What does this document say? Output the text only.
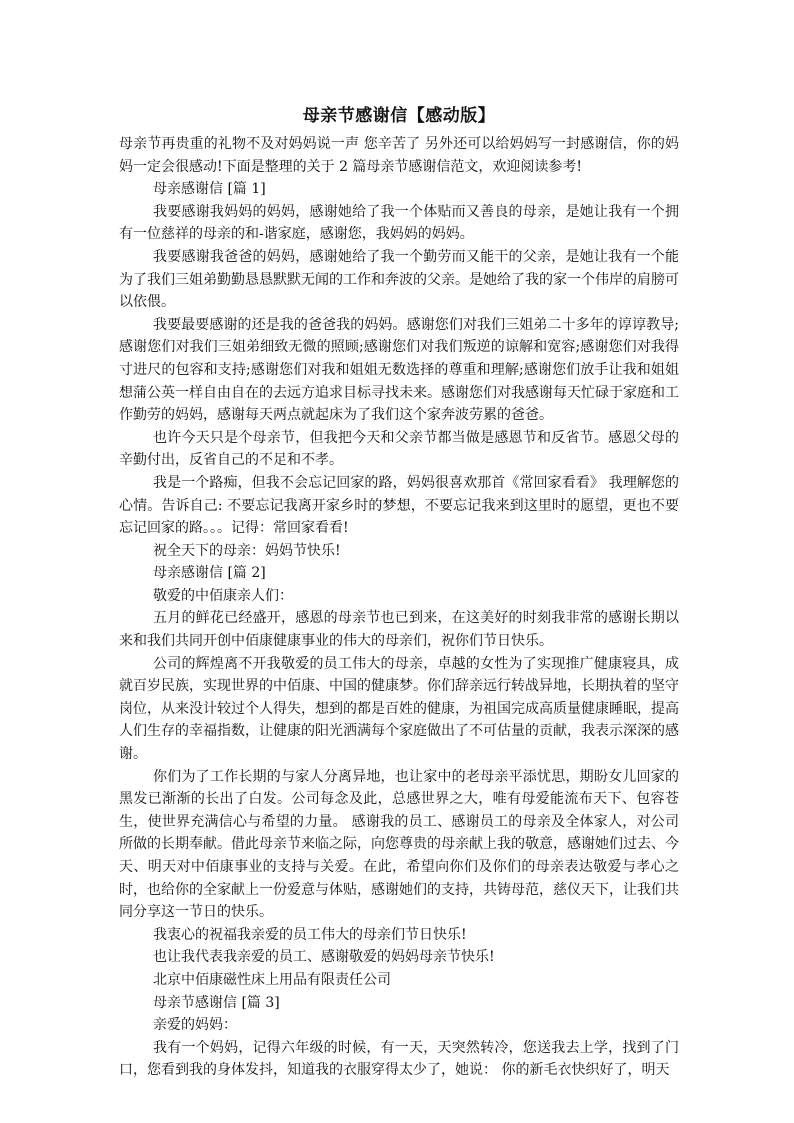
母亲节感谢信【感动版】

母亲节再贵重的礼物不及对妈妈说一声 您辛苦了 另外还可以给妈妈写一封感谢信，你的妈妈一定会很感动!下面是整理的关于 2 篇母亲节感谢信范文，欢迎阅读参考!

母亲感谢信 [篇 1]

我要感谢我妈妈的妈妈，感谢她给了我一个体贴而又善良的母亲，是她让我有一个拥有一位慈祥的母亲的和-谐家庭，感谢您，我妈妈的妈妈。

我要感谢我爸爸的妈妈，感谢她给了我一个勤劳而又能干的父亲，是她让我有一个能为了我们三姐弟勤勤恳恳默默无闻的工作和奔波的父亲。是她给了我的家一个伟岸的肩膀可以依偎。

我要最要感谢的还是我的爸爸我的妈妈。感谢您们对我们三姐弟二十多年的谆谆教导;感谢您们对我们三姐弟细致无微的照顾;感谢您们对我们叛逆的谅解和宽容;感谢您们对我得寸进尺的包容和支持;感谢您们对我和姐姐无数选择的尊重和理解;感谢您们放手让我和姐姐想蒲公英一样自由自在的去远方追求目标寻找未来。感谢您们对我感谢每天忙碌于家庭和工作勤劳的妈妈，感谢每天两点就起床为了我们这个家奔波劳累的爸爸。

也许今天只是个母亲节，但我把今天和父亲节都当做是感恩节和反省节。感恩父母的辛勤付出，反省自己的不足和不孝。

我是一个路痴，但我不会忘记回家的路，妈妈很喜欢那首《常回家看看》 我理解您的心情。告诉自己: 不要忘记我离开家乡时的梦想，不要忘记我来到这里时的愿望，更也不要忘记回家的路。。。记得：常回家看看!

祝全天下的母亲：妈妈节快乐!

母亲感谢信 [篇 2]

敬爱的中佰康亲人们：

五月的鲜花已经盛开，感恩的母亲节也已到来，在这美好的时刻我非常的感谢长期以来和我们共同开创中佰康健康事业的伟大的母亲们，祝你们节日快乐。

公司的辉煌离不开我敬爱的员工伟大的母亲，卓越的女性为了实现推广健康寝具，成就百岁民族，实现世界的中佰康、中国的健康梦。你们辞亲远行转战异地，长期执着的坚守岗位，从来没计较过个人得失，想到的都是百姓的健康，为祖国完成高质量健康睡眠，提高人们生存的幸福指数，让健康的阳光洒满每个家庭做出了不可估量的贡献，我表示深深的感谢。

你们为了工作长期的与家人分离异地，也让家中的老母亲平添忧思，期盼女儿回家的黑发已渐渐的长出了白发。公司每念及此，总感世界之大，唯有母爱能流布天下、包容苍生，使世界充满信心与希望的力量。 感谢我的员工、感谢员工的母亲及全体家人，对公司所做的长期奉献。借此母亲节来临之际，向您尊贵的母亲献上我的敬意，感谢她们过去、今天、明天对中佰康事业的支持与关爱。在此，希望向你们及你们的母亲表达敬爱与孝心之时，也给你的全家献上一份爱意与体贴，感谢她们的支持，共铸母范，慈仪天下，让我们共同分享这一节日的快乐。

我衷心的祝福我亲爱的员工伟大的母亲们节日快乐!

也让我代表我亲爱的员工、感谢敬爱的妈妈母亲节快乐!

北京中佰康磁性床上用品有限责任公司

母亲节感谢信 [篇 3]

亲爱的妈妈：

我有一个妈妈，记得六年级的时候，有一天，天突然转冷，您送我去上学，找到了门口，您看到我的身体发抖，知道我的衣服穿得太少了，她说： 你的新毛衣快织好了，明天
